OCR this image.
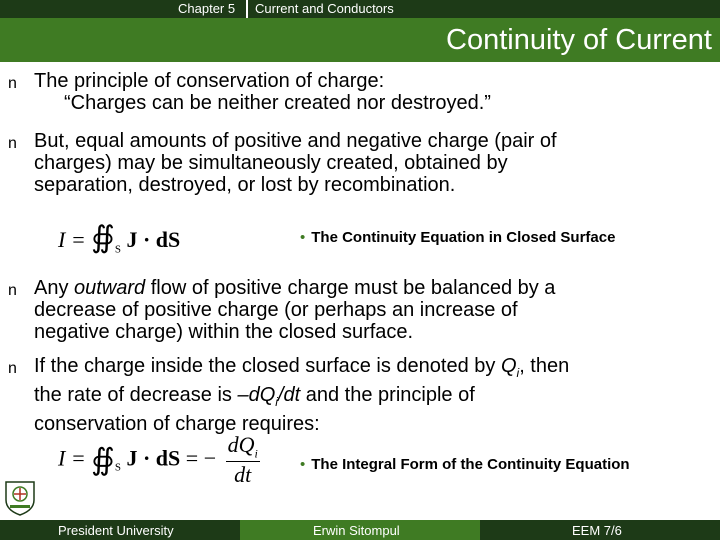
Chapter 5 Current and Conductors
Continuity of Current
n The principle of conservation of charge:
“Charges can be neither created nor destroyed.”
n But, equal amounts of positive and negative charge (pair of
charges) may be simultaneously created, obtained by
separation, destroyed, or lost by recombination.
$I = ∯_S$ J · dS	• The Continuity Equation in Closed Surface
n Any outward flow of positive charge must be balanced by a
decrease of positive charge (or perhaps an increase of
negative charge) within the closed surface.
n If the charge inside the closed surface is denoted by $Q_i$, then
the rate of decrease is $-dQ_i/dt$ and the principle of
conservation of charge requires:
$I = ∯_S$ J · dS = − $\frac{dQ_i}{dt}$	• The Integral Form of the Continuity Equation
President University	Erwin Sitompul	EEM 7/6
